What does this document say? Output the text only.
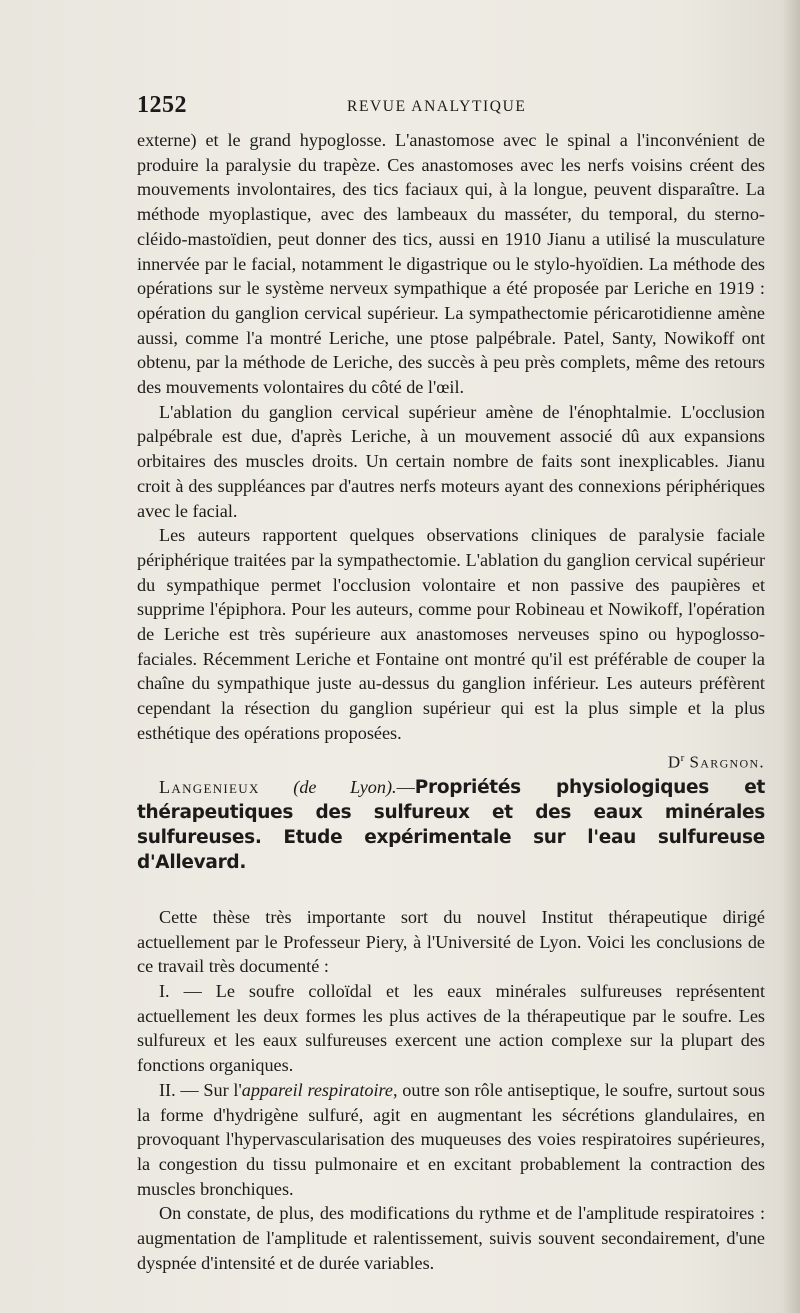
1252	REVUE ANALYTIQUE

externe) et le grand hypoglosse. L'anastomose avec le spinal a l'inconvénient de produire la paralysie du trapèze. Ces anastomoses avec les nerfs voisins créent des mouvements involontaires, des tics faciaux qui, à la longue, peuvent disparaître. La méthode myoplastique, avec des lambeaux du masséter, du temporal, du sterno-cléido-mastoïdien, peut donner des tics, aussi en 1910 Jianu a utilisé la musculature innervée par le facial, notamment le digastrique ou le stylo-hyoïdien. La méthode des opérations sur le système nerveux sympathique a été proposée par Leriche en 1919 : opération du ganglion cervical supérieur. La sympathectomie péricarotidienne amène aussi, comme l'a montré Leriche, une ptose palpébrale. Patel, Santy, Nowikoff ont obtenu, par la méthode de Leriche, des succès à peu près complets, même des retours des mouvements volontaires du côté de l'œil.

L'ablation du ganglion cervical supérieur amène de l'énophtalmie. L'occlusion palpébrale est due, d'après Leriche, à un mouvement associé dû aux expansions orbitaires des muscles droits. Un certain nombre de faits sont inexplicables. Jianu croit à des suppléances par d'autres nerfs moteurs ayant des connexions périphériques avec le facial.

Les auteurs rapportent quelques observations cliniques de paralysie faciale périphérique traitées par la sympathectomie. L'ablation du ganglion cervical supérieur du sympathique permet l'occlusion volontaire et non passive des paupières et supprime l'épiphora. Pour les auteurs, comme pour Robineau et Nowikoff, l'opération de Leriche est très supérieure aux anastomoses nerveuses spino ou hypoglosso-faciales. Récemment Leriche et Fontaine ont montré qu'il est préférable de couper la chaîne du sympathique juste au-dessus du ganglion inférieur. Les auteurs préfèrent cependant la résection du ganglion supérieur qui est la plus simple et la plus esthétique des opérations proposées.

$D^r$ Sargnon.

Langenieux (de Lyon).—Propriétés physiologiques et thérapeutiques des sulfureux et des eaux minérales sulfureuses. Etude expérimentale sur l'eau sulfureuse d'Allevard.

Cette thèse très importante sort du nouvel Institut thérapeutique dirigé actuellement par le Professeur Piery, à l'Université de Lyon. Voici les conclusions de ce travail très documenté :

I. — Le soufre colloïdal et les eaux minérales sulfureuses représentent actuellement les deux formes les plus actives de la thérapeutique par le soufre. Les sulfureux et les eaux sulfureuses exercent une action complexe sur la plupart des fonctions organiques.

II. — Sur l'appareil respiratoire, outre son rôle antiseptique, le soufre, surtout sous la forme d'hydrigène sulfuré, agit en augmentant les sécrétions glandulaires, en provoquant l'hypervascularisation des muqueuses des voies respiratoires supérieures, la congestion du tissu pulmonaire et en excitant probablement la contraction des muscles bronchiques.

On constate, de plus, des modifications du rythme et de l'amplitude respiratoires : augmentation de l'amplitude et ralentissement, suivis souvent secondairement, d'une dyspnée d'intensité et de durée variables.
